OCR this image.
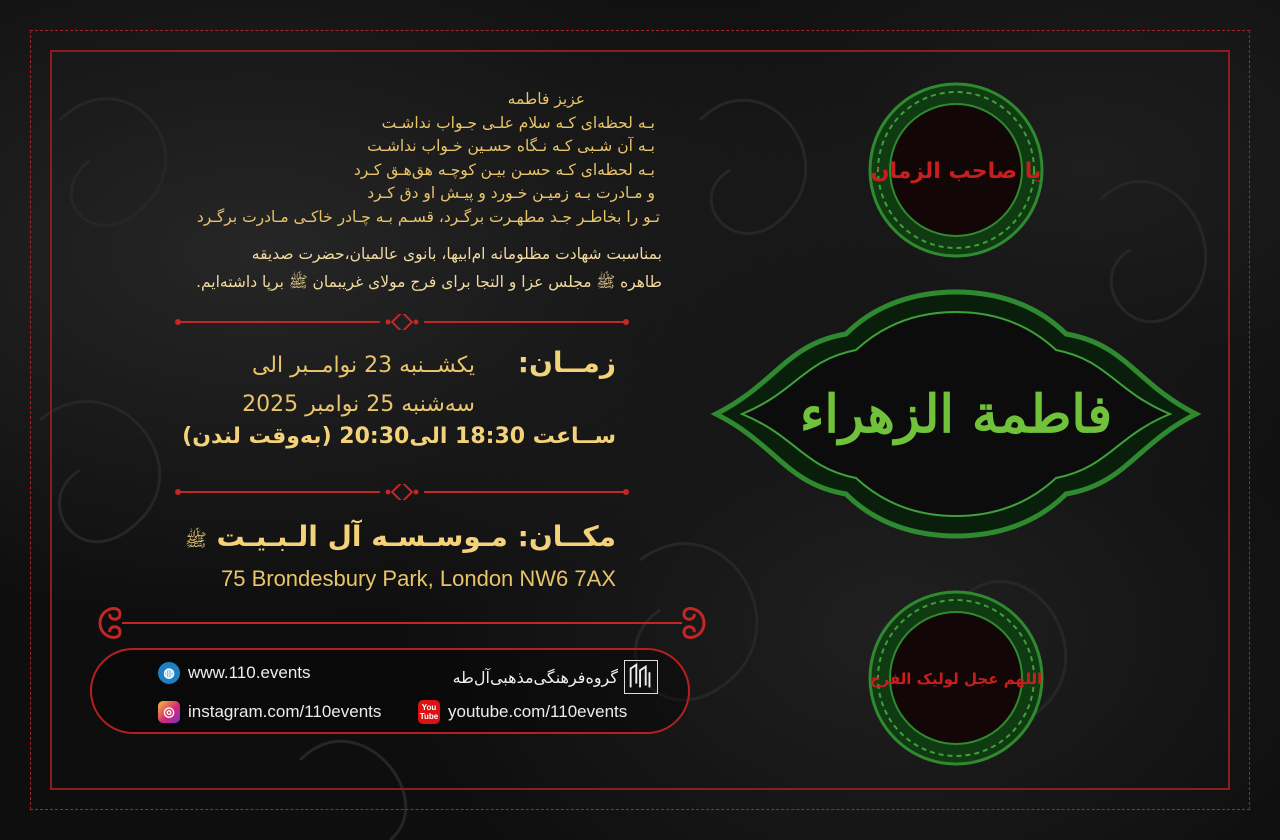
عزیز فاطمه
بـه لحظه‌ای کـه سلام علـی جـواب نداشـت
بـه آن شـبی کـه نـگاه حسـین خـواب نداشـت
بـه لحظه‌ای کـه حسـن بیـن کوچـه هق‌هـق کـرد
و مـادرت بـه زمیـن خـورد و پیـش او دق کـرد
تـو را بخاطـر جـد مطهـرت برگـرد، قسـم بـه چـادر خاکـی مـادرت برگـرد
بمناسبت شهادت مظلومانه ام‌ابیها، بانوی عالمیان،حضرت صدیقه
طاهره ﷺ مجلس عزا و التجا برای فرج مولای غریبمان ﷺ برپا داشته‌ایم.
زمــان:
یکشــنبه 23 نوامــبر الی
سه‌شنبه 25 نوامبر 2025
ســاعت 18:30 الی20:30 (به‌وقت لندن)
مکــان: مـوسـسـه آل الـبـیـت ﷺ
75 Brondesbury Park, London NW6 7AX
◍ www.110.events	گروه‌فرهنگی‌مذهبی‌آل‌طه
◎ instagram.com/110events	You
Tube youtube.com/110events
یا صاحب الزمان
فاطمة الزهراء
اللهم عجل لولیک الفرج
